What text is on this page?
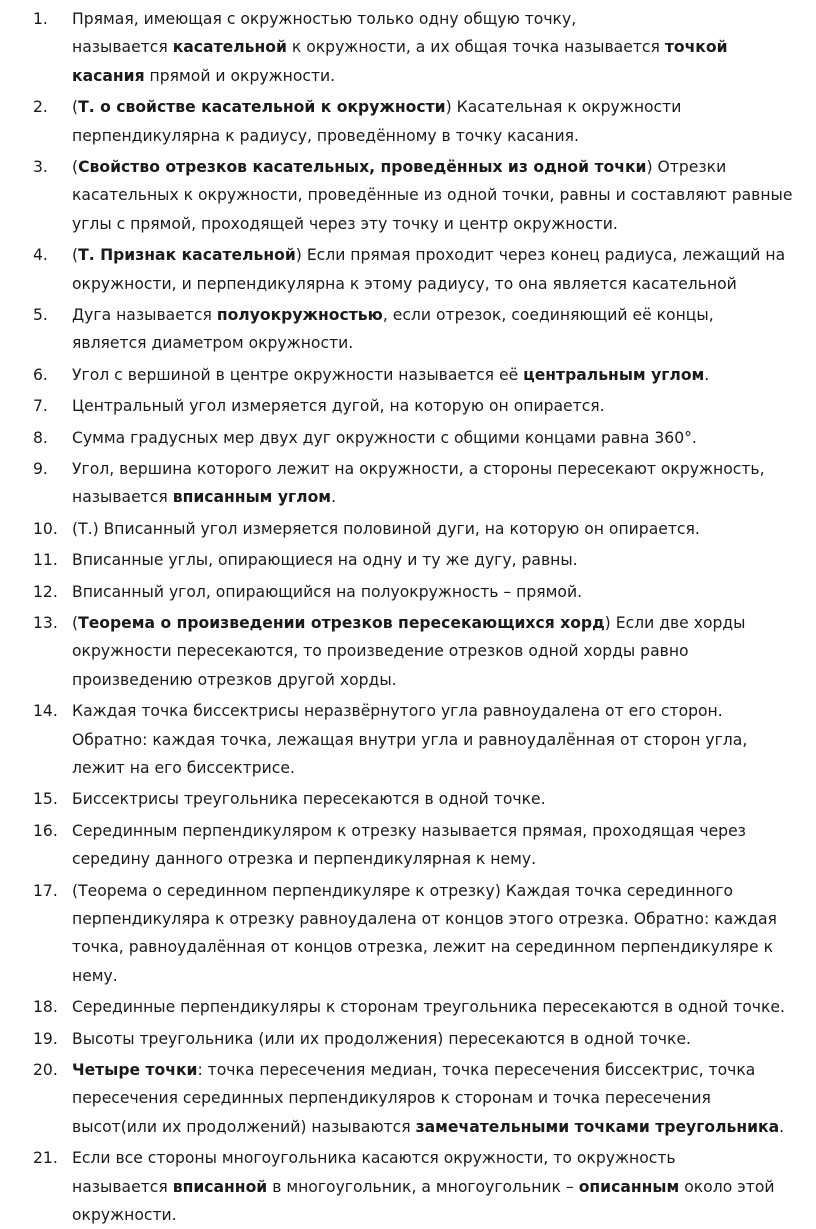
1. Прямая, имеющая с окружностью только одну общую точку,
называется касательной к окружности, а их общая точка называется точкой
касания прямой и окружности.
2. (Т. о свойстве касательной к окружности) Касательная к окружности
перпендикулярна к радиусу, проведённому в точку касания.
3. (Свойство отрезков касательных, проведённых из одной точки) Отрезки
касательных к окружности, проведённые из одной точки, равны и составляют равные
углы с прямой, проходящей через эту точку и центр окружности.
4. (Т. Признак касательной) Если прямая проходит через конец радиуса, лежащий на
окружности, и перпендикулярна к этому радиусу, то она является касательной
5. Дуга называется полуокружностью, если отрезок, соединяющий её концы,
является диаметром окружности.
6. Угол с вершиной в центре окружности называется её центральным углом.
7. Центральный угол измеряется дугой, на которую он опирается.
8. Сумма градусных мер двух дуг окружности с общими концами равна 360°.
9. Угол, вершина которого лежит на окружности, а стороны пересекают окружность,
называется вписанным углом.
10. (Т.) Вписанный угол измеряется половиной дуги, на которую он опирается.
11. Вписанные углы, опирающиеся на одну и ту же дугу, равны.
12. Вписанный угол, опирающийся на полуокружность – прямой.
13. (Теорема о произведении отрезков пересекающихся хорд) Если две хорды
окружности пересекаются, то произведение отрезков одной хорды равно
произведению отрезков другой хорды.
14. Каждая точка биссектрисы неразвёрнутого угла равноудалена от его сторон.
Обратно: каждая точка, лежащая внутри угла и равноудалённая от сторон угла,
лежит на его биссектрисе.
15. Биссектрисы треугольника пересекаются в одной точке.
16. Серединным перпендикуляром к отрезку называется прямая, проходящая через
середину данного отрезка и перпендикулярная к нему.
17. (Теорема о серединном перпендикуляре к отрезку) Каждая точка серединного
перпендикуляра к отрезку равноудалена от концов этого отрезка. Обратно: каждая
точка, равноудалённая от концов отрезка, лежит на серединном перпендикуляре к
нему.
18. Серединные перпендикуляры к сторонам треугольника пересекаются в одной точке.
19. Высоты треугольника (или их продолжения) пересекаются в одной точке.
20. Четыре точки: точка пересечения медиан, точка пересечения биссектрис, точка
пересечения серединных перпендикуляров к сторонам и точка пересечения
высот(или их продолжений) называются замечательными точками треугольника.
21. Если все стороны многоугольника касаются окружности, то окружность
называется вписанной в многоугольник, а многоугольник – описанным около этой
окружности.
